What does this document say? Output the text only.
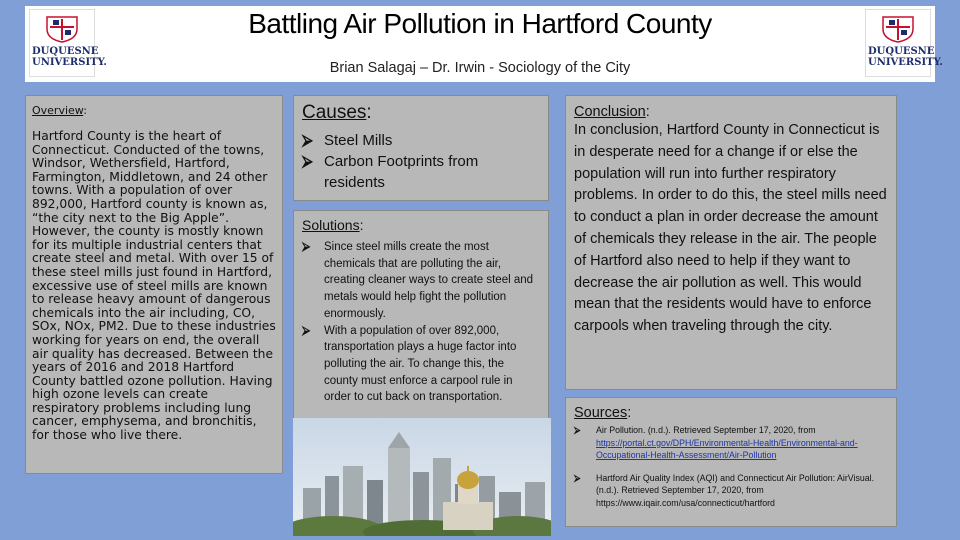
DUQUESNE
UNIVERSITY.
Battling Air Pollution in Hartford County
Brian Salagaj – Dr. Irwin - Sociology of the City
DUQUESNE
UNIVERSITY.
Overview:
Hartford County is the heart of Connecticut. Conducted of the towns, Windsor, Wethersfield, Hartford, Farmington, Middletown, and 24 other towns. With a population of over 892,000, Hartford county is known as, “the city next to the Big Apple”. However, the county is mostly known for its multiple industrial centers that create steel and metal. With over 15 of these steel mills just found in Hartford, excessive use of steel mills are known to release heavy amount of dangerous chemicals into the air including, CO, SOx, NOx, PM2. Due to these industries working for years on end, the overall air quality has decreased. Between the years of 2016 and 2018 Hartford County battled ozone pollution. Having high ozone levels can create respiratory problems including lung cancer, emphysema, and bronchitis, for those who live there.
Causes:
⮚ Steel Mills
⮚ Carbon Footprints from residents
Solutions:
⮚ Since steel mills create the most chemicals that are polluting the air, creating cleaner ways to create steel and metals would help fight the pollution enormously.
⮚ With a population of over 892,000, transportation plays a huge factor into polluting the air. To change this, the county must enforce a carpool rule in order to cut back on transportation.
Conclusion:
In conclusion, Hartford County in Connecticut is in desperate need for a change if or else the population will run into further respiratory problems. In order to do this, the steel mills need to conduct a plan in order decrease the amount of chemicals they release in the air. The people of Hartford also need to help if they want to decrease the air pollution as well. This would mean that the residents would have to enforce carpools when traveling through the city.
Sources:
⮚ Air Pollution. (n.d.). Retrieved September 17, 2020, from https://portal.ct.gov/DPH/Environmental-Health/Environmental-and-Occupational-Health-Assessment/Air-Pollution
⮚ Hartford Air Quality Index (AQI) and Connecticut Air Pollution: AirVisual. (n.d.). Retrieved September 17, 2020, from https://www.iqair.com/usa/connecticut/hartford
